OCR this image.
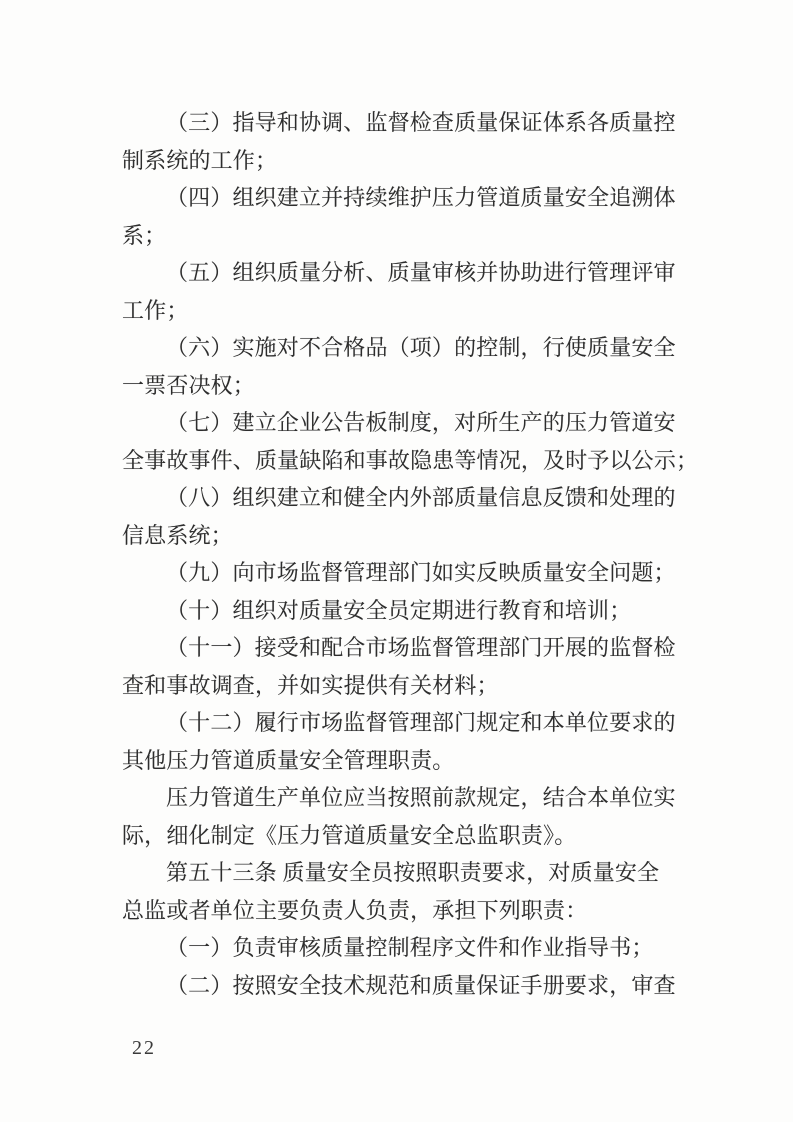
（三）指导和协调、监督检查质量保证体系各质量控
制系统的工作；
（四）组织建立并持续维护压力管道质量安全追溯体
系；
（五）组织质量分析、质量审核并协助进行管理评审
工作；
（六）实施对不合格品（项）的控制，行使质量安全
一票否决权；
（七）建立企业公告板制度，对所生产的压力管道安
全事故事件、质量缺陷和事故隐患等情况，及时予以公示；
（八）组织建立和健全内外部质量信息反馈和处理的
信息系统；
（九）向市场监督管理部门如实反映质量安全问题；
（十）组织对质量安全员定期进行教育和培训；
（十一）接受和配合市场监督管理部门开展的监督检
查和事故调查，并如实提供有关材料；
（十二）履行市场监督管理部门规定和本单位要求的
其他压力管道质量安全管理职责。
压力管道生产单位应当按照前款规定，结合本单位实
际，细化制定《压力管道质量安全总监职责》。
第五十三条 质量安全员按照职责要求，对质量安全
总监或者单位主要负责人负责，承担下列职责：
（一）负责审核质量控制程序文件和作业指导书；
（二）按照安全技术规范和质量保证手册要求，审查
22
